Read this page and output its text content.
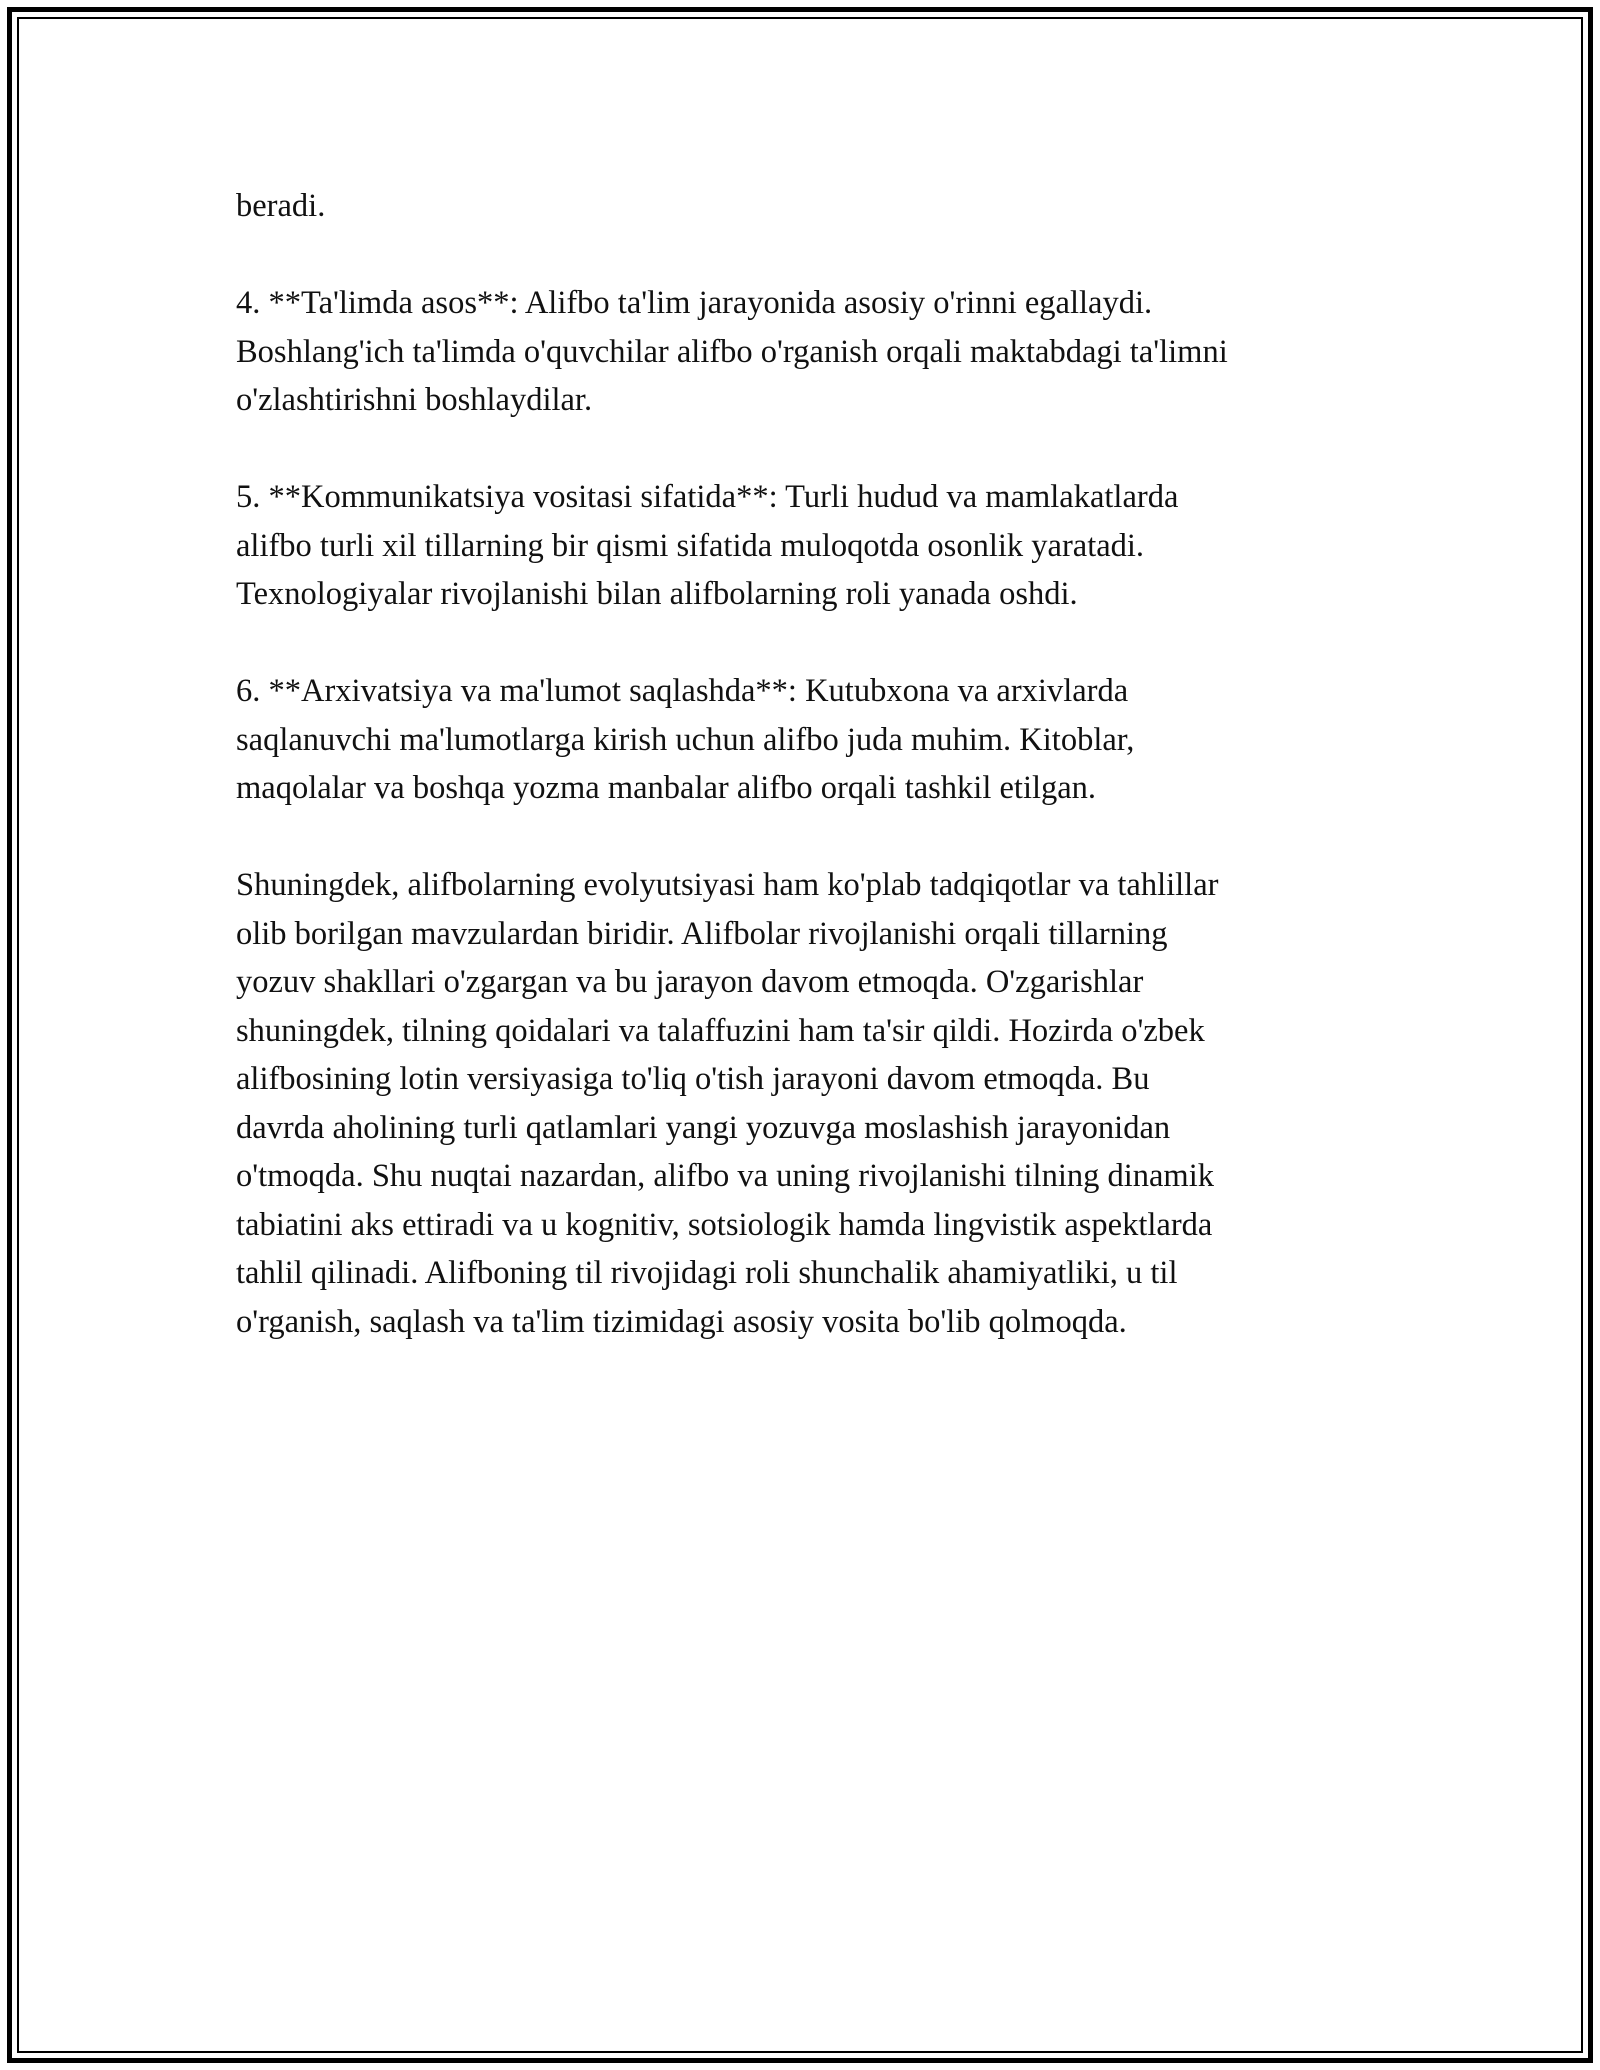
beradi.

4. **Ta'limda asos**: Alifbo ta'lim jarayonida asosiy o'rinni egallaydi.
Boshlang'ich ta'limda o'quvchilar alifbo o'rganish orqali maktabdagi ta'limni
o'zlashtirishni boshlaydilar.

5. **Kommunikatsiya vositasi sifatida**: Turli hudud va mamlakatlarda
alifbo turli xil tillarning bir qismi sifatida muloqotda osonlik yaratadi.
Texnologiyalar rivojlanishi bilan alifbolarning roli yanada oshdi.

6. **Arxivatsiya va ma'lumot saqlashda**: Kutubxona va arxivlarda
saqlanuvchi ma'lumotlarga kirish uchun alifbo juda muhim. Kitoblar,
maqolalar va boshqa yozma manbalar alifbo orqali tashkil etilgan.

Shuningdek, alifbolarning evolyutsiyasi ham ko'plab tadqiqotlar va tahlillar
olib borilgan mavzulardan biridir. Alifbolar rivojlanishi orqali tillarning
yozuv shakllari o'zgargan va bu jarayon davom etmoqda. O'zgarishlar
shuningdek, tilning qoidalari va talaffuzini ham ta'sir qildi. Hozirda o'zbek
alifbosining lotin versiyasiga to'liq o'tish jarayoni davom etmoqda. Bu
davrda aholining turli qatlamlari yangi yozuvga moslashish jarayonidan
o'tmoqda. Shu nuqtai nazardan, alifbo va uning rivojlanishi tilning dinamik
tabiatini aks ettiradi va u kognitiv, sotsiologik hamda lingvistik aspektlarda
tahlil qilinadi. Alifboning til rivojidagi roli shunchalik ahamiyatliki, u til
o'rganish, saqlash va ta'lim tizimidagi asosiy vosita bo'lib qolmoqda.
